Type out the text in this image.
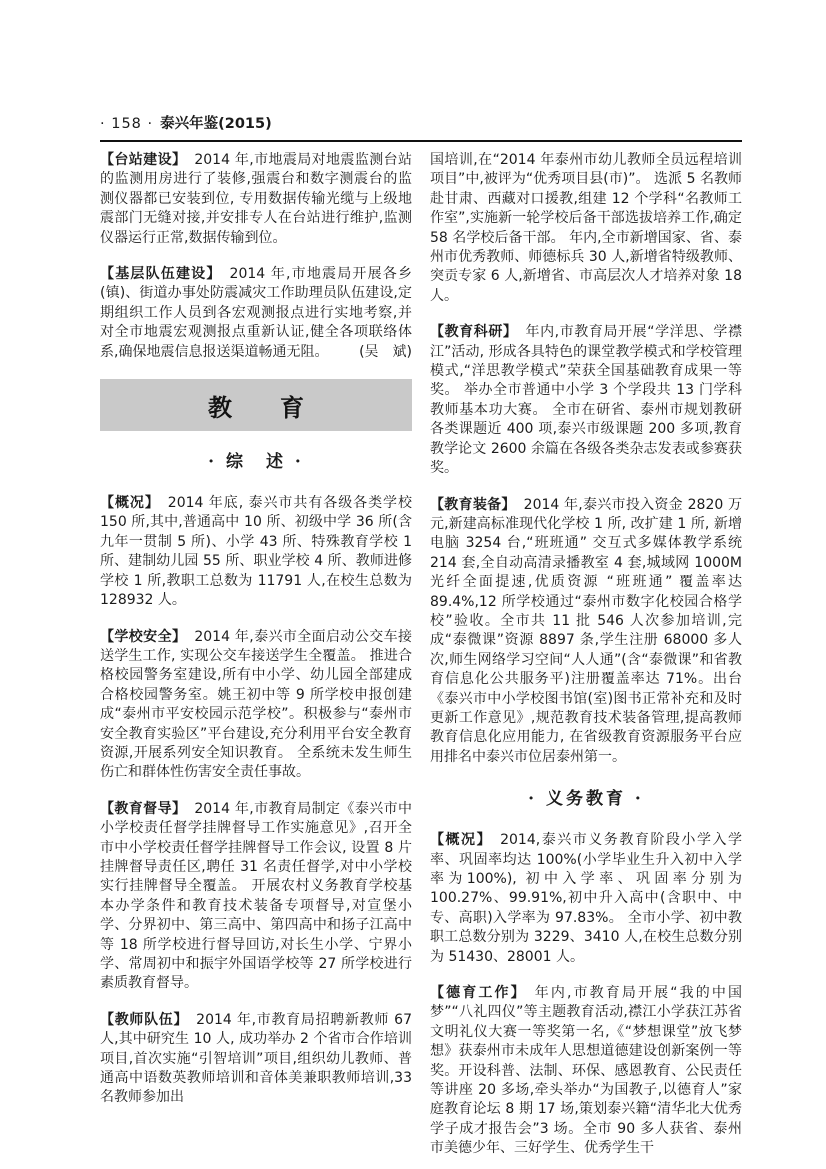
· 158 · 泰兴年鉴(2015)

【台站建设】 2014 年,市地震局对地震监测台站的监测用房进行了装修,强震台和数字测震台的监测仪器都已安装到位, 专用数据传输光缆与上级地震部门无缝对接,并安排专人在台站进行维护,监测仪器运行正常,数据传输到位。

【基层队伍建设】 2014 年,市地震局开展各乡(镇)、街道办事处防震减灾工作助理员队伍建设,定期组织工作人员到各宏观测报点进行实地考察,并对全市地震宏观测报点重新认证,健全各项联络体系,确保地震信息报送渠道畅通无阻。 (吴　斌)

教　　育
· 综　述 ·

【概况】 2014 年底, 泰兴市共有各级各类学校 150 所,其中,普通高中 10 所、初级中学 36 所(含九年一贯制 5 所)、小学 43 所、特殊教育学校 1 所、建制幼儿园 55 所、职业学校 4 所、教师进修学校 1 所,教职工总数为 11791 人,在校生总数为 128932 人。

【学校安全】 2014 年,泰兴市全面启动公交车接送学生工作, 实现公交车接送学生全覆盖。 推进合格校园警务室建设,所有中小学、幼儿园全部建成合格校园警务室。姚王初中等 9 所学校申报创建成“泰州市平安校园示范学校”。积极参与“泰州市安全教育实验区”平台建设,充分利用平台安全教育资源,开展系列安全知识教育。 全系统未发生师生伤亡和群体性伤害安全责任事故。

【教育督导】 2014 年,市教育局制定《泰兴市中小学校责任督学挂牌督导工作实施意见》,召开全市中小学校责任督学挂牌督导工作会议, 设置 8 片挂牌督导责任区,聘任 31 名责任督学,对中小学校实行挂牌督导全覆盖。 开展农村义务教育学校基本办学条件和教育技术装备专项督导,对宣堡小学、分界初中、第三高中、第四高中和扬子江高中等 18 所学校进行督导回访,对长生小学、宁界小学、常周初中和振宇外国语学校等 27 所学校进行素质教育督导。

【教师队伍】 2014 年,市教育局招聘新教师 67 人,其中研究生 10 人, 成功举办 2 个省市合作培训项目,首次实施“引智培训”项目,组织幼儿教师、普通高中语数英教师培训和音体美兼职教师培训,33 名教师参加出

国培训,在“2014 年泰州市幼儿教师全员远程培训项目”中,被评为“优秀项目县(市)”。 选派 5 名教师赴甘肃、西藏对口援教,组建 12 个学科“名教师工作室”,实施新一轮学校后备干部选拔培养工作,确定 58 名学校后备干部。 年内,全市新增国家、省、泰州市优秀教师、师德标兵 30 人,新增省特级教师、突贡专家 6 人,新增省、市高层次人才培养对象 18 人。

【教育科研】 年内,市教育局开展“学洋思、学襟江”活动, 形成各具特色的课堂教学模式和学校管理模式,“洋思教学模式”荣获全国基础教育成果一等奖。 举办全市普通中小学 3 个学段共 13 门学科教师基本功大赛。 全市在研省、泰州市规划教研各类课题近 400 项,泰兴市级课题 200 多项,教育教学论文 2600 余篇在各级各类杂志发表或参赛获奖。

【教育装备】 2014 年,泰兴市投入资金 2820 万元,新建高标准现代化学校 1 所, 改扩建 1 所, 新增电脑 3254 台,“班班通” 交互式多媒体教学系统 214 套,全自动高清录播教室 4 套,城域网 1000M 光纤全面提速,优质资源 “班班通” 覆盖率达 89.4%,12 所学校通过“泰州市数字化校园合格学校”验收。全市共 11 批 546 人次参加培训,完成“泰微课”资源 8897 条,学生注册 68000 多人次,师生网络学习空间“人人通”(含“泰微课”和省教育信息化公共服务平)注册覆盖率达 71%。出台《泰兴市中小学校图书馆(室)图书正常补充和及时更新工作意见》,规范教育技术装备管理,提高教师教育信息化应用能力, 在省级教育资源服务平台应用排名中泰兴市位居泰州第一。

· 义务教育 ·

【概况】 2014,泰兴市义务教育阶段小学入学率、巩固率均达 100%(小学毕业生升入初中入学率为100%), 初中入学率、巩固率分别为 100.27%、99.91%,初中升入高中(含职中、中专、高职)入学率为 97.83%。 全市小学、初中教职工总数分别为 3229、3410 人,在校生总数分别为 51430、28001 人。

【德育工作】 年内,市教育局开展“我的中国梦”“八礼四仪”等主题教育活动,襟江小学获江苏省文明礼仪大赛一等奖第一名,《“梦想课堂”放飞梦想》获泰州市未成年人思想道德建设创新案例一等奖。开设科普、法制、环保、感恩教育、公民责任等讲座 20 多场,牵头举办“为国教子,以德育人”家庭教育论坛 8 期 17 场,策划泰兴籍“清华北大优秀学子成才报告会”3 场。全市 90 多人获省、泰州市美德少年、三好学生、优秀学生干
